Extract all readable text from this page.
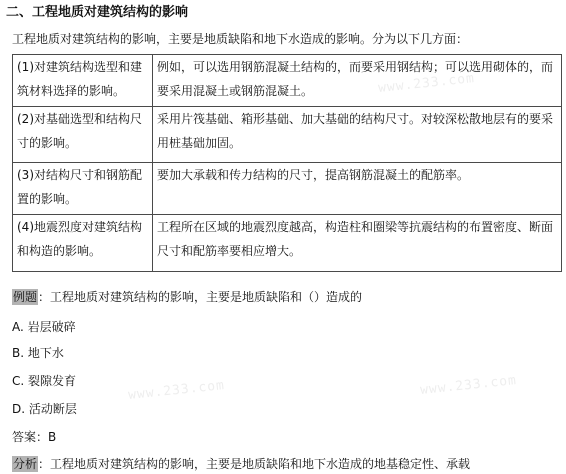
www.233.com
www.233.com	www.233.com
二、工程地质对建筑结构的影响
工程地质对建筑结构的影响，主要是地质缺陷和地下水造成的影响。分为以下几方面：
(1)对建筑结构选型和建筑材料选择的影响。	例如，可以选用钢筋混凝土结构的，而要采用钢结构；可以选用砌体的，而要采用混凝土或钢筋混凝土。
(2)对基础选型和结构尺寸的影响。	采用片筏基础、箱形基础、加大基础的结构尺寸。对较深松散地层有的要采用桩基础加固。
(3)对结构尺寸和钢筋配置的影响。	要加大承载和传力结构的尺寸，提高钢筋混凝土的配筋率。
(4)地震烈度对建筑结构和构造的影响。	工程所在区域的地震烈度越高，构造柱和圈梁等抗震结构的布置密度、断面尺寸和配筋率要相应增大。
例题：工程地质对建筑结构的影响，主要是地质缺陷和（）造成的
A. 岩层破碎
B. 地下水
C. 裂隙发育
D. 活动断层
答案：B
分析：工程地质对建筑结构的影响，主要是地质缺陷和地下水造成的地基稳定性、承载
